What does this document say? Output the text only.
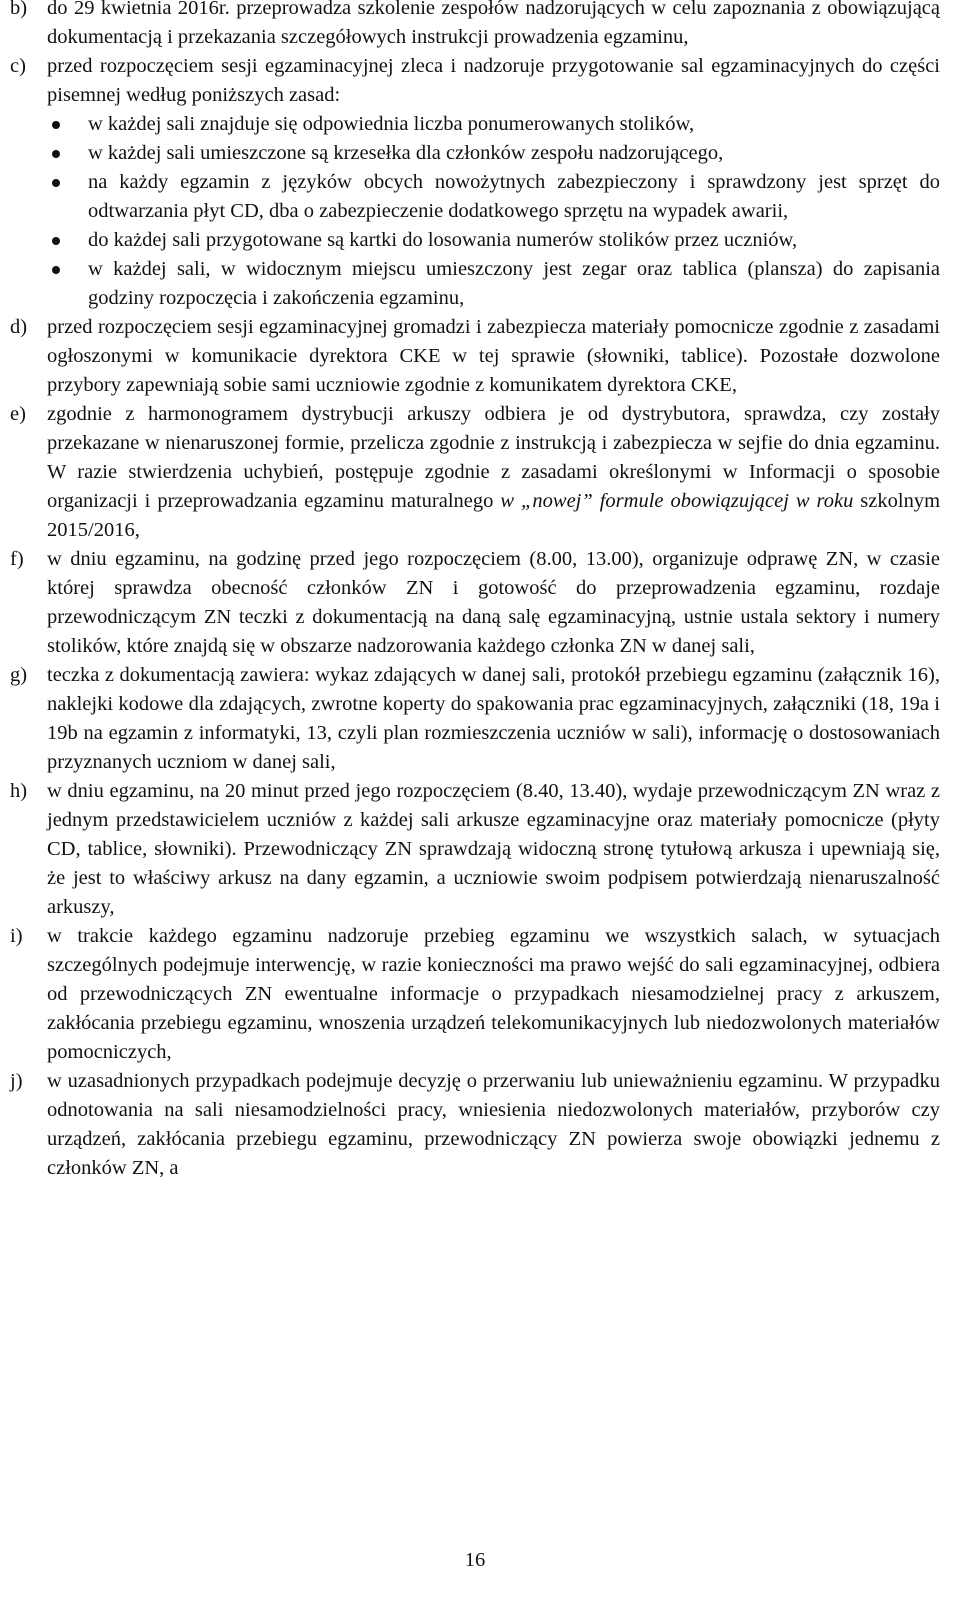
b) do 29 kwietnia 2016r. przeprowadza szkolenie zespołów nadzorujących w celu zapoznania z obowiązującą dokumentacją i przekazania szczegółowych instrukcji prowadzenia egzaminu,
c) przed rozpoczęciem sesji egzaminacyjnej zleca i nadzoruje przygotowanie sal egzaminacyjnych do części pisemnej według poniższych zasad:
w każdej sali znajduje się odpowiednia liczba ponumerowanych stolików,
w każdej sali umieszczone są krzesełka dla członków zespołu nadzorującego,
na każdy egzamin z języków obcych nowożytnych zabezpieczony i sprawdzony jest sprzęt do odtwarzania płyt CD, dba o zabezpieczenie dodatkowego sprzętu na wypadek awarii,
do każdej sali przygotowane są kartki do losowania numerów stolików przez uczniów,
w każdej sali, w widocznym miejscu umieszczony jest zegar oraz tablica (plansza) do zapisania godziny rozpoczęcia i zakończenia egzaminu,
d) przed rozpoczęciem sesji egzaminacyjnej gromadzi i zabezpiecza materiały pomocnicze zgodnie z zasadami ogłoszonymi w komunikacie dyrektora CKE w tej sprawie (słowniki, tablice). Pozostałe dozwolone przybory zapewniają sobie sami uczniowie zgodnie z komunikatem dyrektora CKE,
e) zgodnie z harmonogramem dystrybucji arkuszy odbiera je od dystrybutora, sprawdza, czy zostały przekazane w nienaruszonej formie, przelicza zgodnie z instrukcją i zabezpiecza w sejfie do dnia egzaminu. W razie stwierdzenia uchybień, postępuje zgodnie z zasadami określonymi w Informacji o sposobie organizacji i przeprowadzania egzaminu maturalnego w „nowej” formule obowiązującej w roku szkolnym 2015/2016,
f) w dniu egzaminu, na godzinę przed jego rozpoczęciem (8.00, 13.00), organizuje odprawę ZN, w czasie której sprawdza obecność członków ZN i gotowość do przeprowadzenia egzaminu, rozdaje przewodniczącym ZN teczki z dokumentacją na daną salę egzaminacyjną, ustnie ustala sektory i numery stolików, które znajdą się w obszarze nadzorowania każdego członka ZN w danej sali,
g) teczka z dokumentacją zawiera: wykaz zdających w danej sali, protokół przebiegu egzaminu (załącznik 16), naklejki kodowe dla zdających, zwrotne koperty do spakowania prac egzaminacyjnych, załączniki (18, 19a i 19b na egzamin z informatyki, 13, czyli plan rozmieszczenia uczniów w sali), informację o dostosowaniach przyznanych uczniom w danej sali,
h) w dniu egzaminu, na 20 minut przed jego rozpoczęciem (8.40, 13.40), wydaje przewodniczącym ZN wraz z jednym przedstawicielem uczniów z każdej sali arkusze egzaminacyjne oraz materiały pomocnicze (płyty CD, tablice, słowniki). Przewodniczący ZN sprawdzają widoczną stronę tytułową arkusza i upewniają się, że jest to właściwy arkusz na dany egzamin, a uczniowie swoim podpisem potwierdzają nienaruszalność arkuszy,
i) w trakcie każdego egzaminu nadzoruje przebieg egzaminu we wszystkich salach, w sytuacjach szczególnych podejmuje interwencję, w razie konieczności ma prawo wejść do sali egzaminacyjnej, odbiera od przewodniczących ZN ewentualne informacje o przypadkach niesamodzielnej pracy z arkuszem, zakłócania przebiegu egzaminu, wnoszenia urządzeń telekomunikacyjnych lub niedozwolonych materiałów pomocniczych,
j) w uzasadnionych przypadkach podejmuje decyzję o przerwaniu lub unieważnieniu egzaminu. W przypadku odnotowania na sali niesamodzielności pracy, wniesienia niedozwolonych materiałów, przyborów czy urządzeń, zakłócania przebiegu egzaminu, przewodniczący ZN powierza swoje obowiązki jednemu z członków ZN, a
16
